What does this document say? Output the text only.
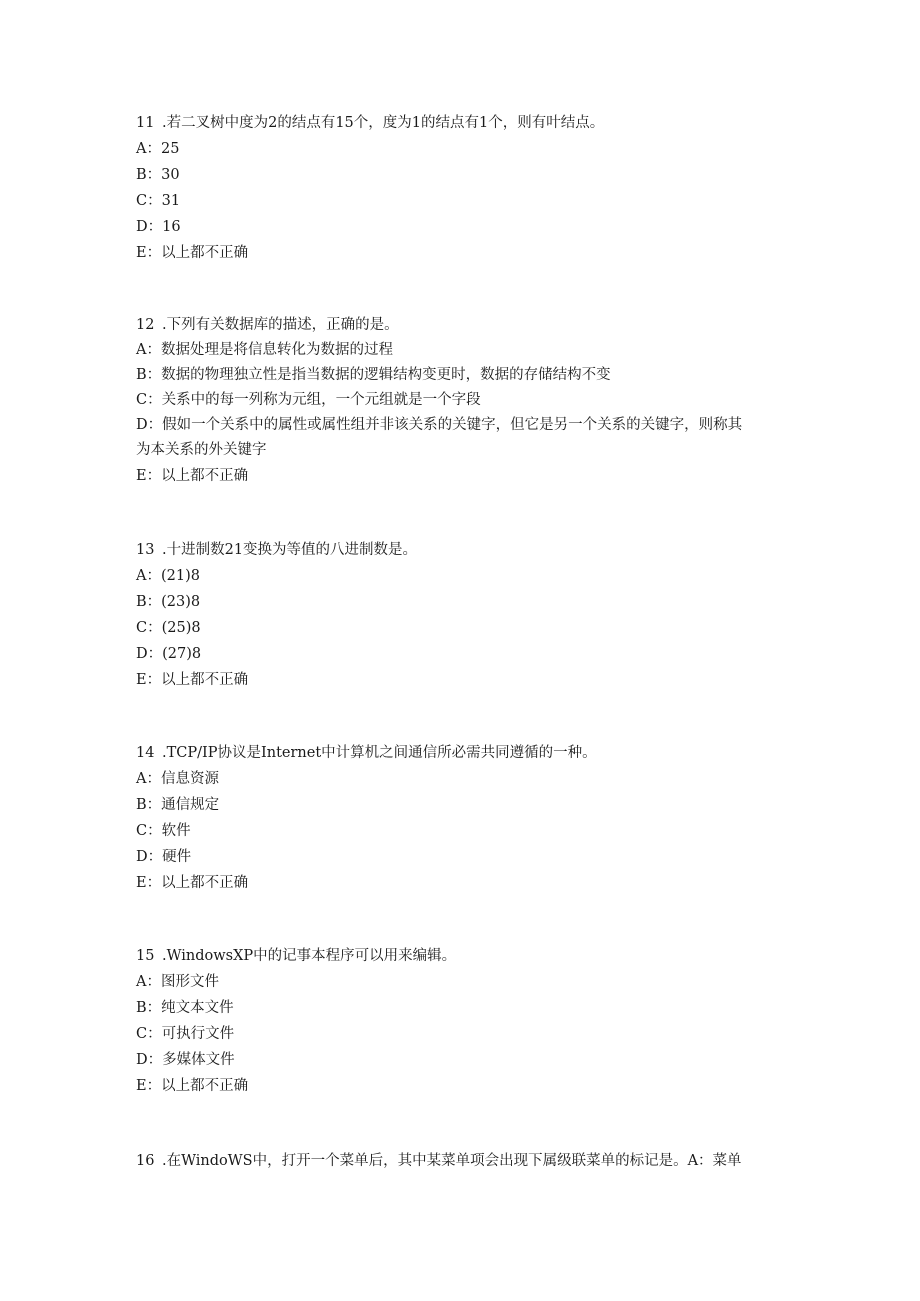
11 .若二叉树中度为2的结点有15个，度为1的结点有1个，则有叶结点。
A：25
B：30
C：31
D：16
E：以上都不正确
12 .下列有关数据库的描述，正确的是。
A：数据处理是将信息转化为数据的过程
B：数据的物理独立性是指当数据的逻辑结构变更时，数据的存储结构不变
C：关系中的每一列称为元组，一个元组就是一个字段
D：假如一个关系中的属性或属性组并非该关系的关键字，但它是另一个关系的关键字，则称其
为本关系的外关键字
E：以上都不正确
13 .十进制数21变换为等值的八进制数是。
A：(21)8
B：(23)8
C：(25)8
D：(27)8
E：以上都不正确
14 .TCP/IP协议是Internet中计算机之间通信所必需共同遵循的一种。
A：信息资源
B：通信规定
C：软件
D：硬件
E：以上都不正确
15 .WindowsXP中的记事本程序可以用来编辑。
A：图形文件
B：纯文本文件
C：可执行文件
D：多媒体文件
E：以上都不正确
16 .在WindoWS中，打开一个菜单后，其中某菜单项会出现下属级联菜单的标记是。A：菜单
